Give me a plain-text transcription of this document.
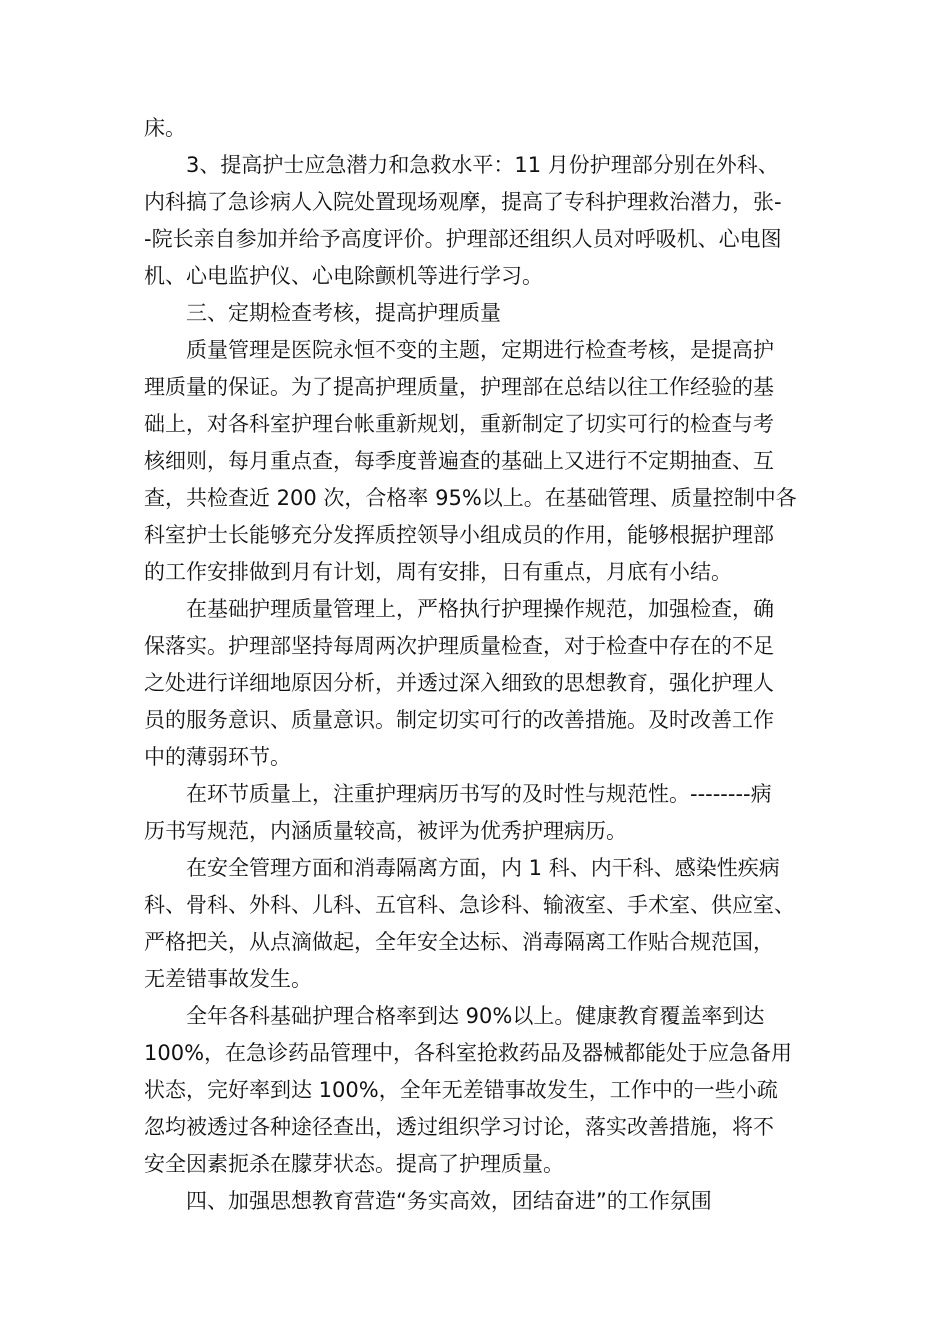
床。
3、提高护士应急潜力和急救水平：11 月份护理部分别在外科、
内科搞了急诊病人入院处置现场观摩，提高了专科护理救治潜力，张-
-院长亲自参加并给予高度评价。护理部还组织人员对呼吸机、心电图
机、心电监护仪、心电除颤机等进行学习。
三、定期检查考核，提高护理质量
质量管理是医院永恒不变的主题，定期进行检查考核，是提高护
理质量的保证。为了提高护理质量，护理部在总结以往工作经验的基
础上，对各科室护理台帐重新规划，重新制定了切实可行的检查与考
核细则，每月重点查，每季度普遍查的基础上又进行不定期抽查、互
查，共检查近 200 次，合格率 95%以上。在基础管理、质量控制中各
科室护士长能够充分发挥质控领导小组成员的作用，能够根据护理部
的工作安排做到月有计划，周有安排，日有重点，月底有小结。
在基础护理质量管理上，严格执行护理操作规范，加强检查，确
保落实。护理部坚持每周两次护理质量检查，对于检查中存在的不足
之处进行详细地原因分析，并透过深入细致的思想教育，强化护理人
员的服务意识、质量意识。制定切实可行的改善措施。及时改善工作
中的薄弱环节。
在环节质量上，注重护理病历书写的及时性与规范性。--------病
历书写规范，内涵质量较高，被评为优秀护理病历。
在安全管理方面和消毒隔离方面，内 1 科、内干科、感染性疾病
科、骨科、外科、儿科、五官科、急诊科、输液室、手术室、供应室、
严格把关，从点滴做起，全年安全达标、消毒隔离工作贴合规范国，
无差错事故发生。
全年各科基础护理合格率到达 90%以上。健康教育覆盖率到达
100%，在急诊药品管理中，各科室抢救药品及器械都能处于应急备用
状态，完好率到达 100%，全年无差错事故发生，工作中的一些小疏
忽均被透过各种途径查出，透过组织学习讨论，落实改善措施，将不
安全因素扼杀在朦芽状态。提高了护理质量。
四、加强思想教育营造“务实高效，团结奋进”的工作氛围
